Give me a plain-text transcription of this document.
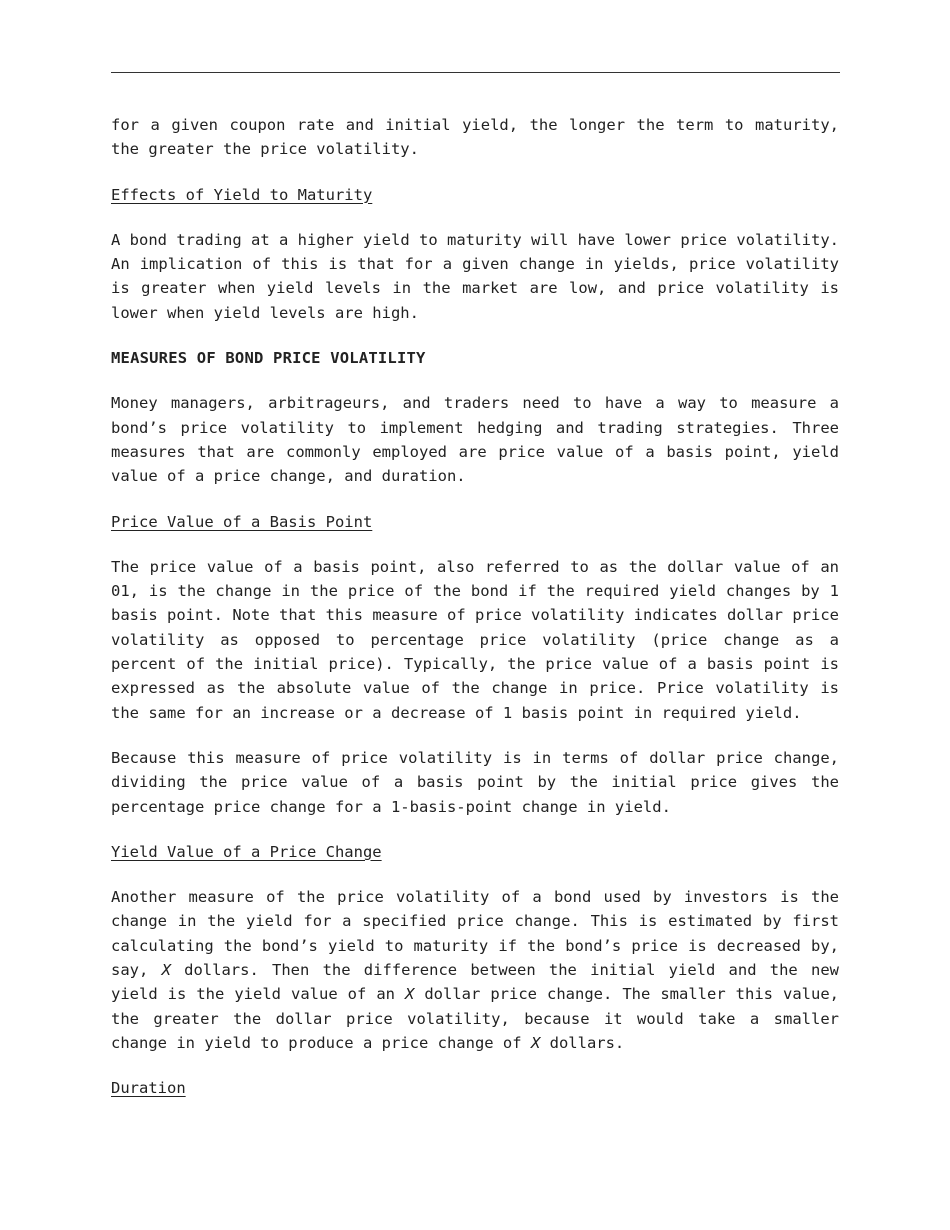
for a given coupon rate and initial yield, the longer the term to maturity, the greater the price volatility.

Effects of Yield to Maturity

A bond trading at a higher yield to maturity will have lower price volatility. An implication of this is that for a given change in yields, price volatility is greater when yield levels in the market are low, and price volatility is lower when yield levels are high.

MEASURES OF BOND PRICE VOLATILITY

Money managers, arbitrageurs, and traders need to have a way to measure a bond’s price volatility to implement hedging and trading strategies. Three measures that are commonly employed are price value of a basis point, yield value of a price change, and duration.

Price Value of a Basis Point

The price value of a basis point, also referred to as the dollar value of an 01, is the change in the price of the bond if the required yield changes by 1 basis point. Note that this measure of price volatility indicates dollar price volatility as opposed to percentage price volatility (price change as a percent of the initial price). Typically, the price value of a basis point is expressed as the absolute value of the change in price. Price volatility is the same for an increase or a decrease of 1 basis point in required yield.

Because this measure of price volatility is in terms of dollar price change, dividing the price value of a basis point by the initial price gives the percentage price change for a 1-basis-point change in yield.

Yield Value of a Price Change

Another measure of the price volatility of a bond used by investors is the change in the yield for a specified price change. This is estimated by first calculating the bond’s yield to maturity if the bond’s price is decreased by, say, X dollars. Then the difference between the initial yield and the new yield is the yield value of an X dollar price change. The smaller this value, the greater the dollar price volatility, because it would take a smaller change in yield to produce a price change of X dollars.

Duration
